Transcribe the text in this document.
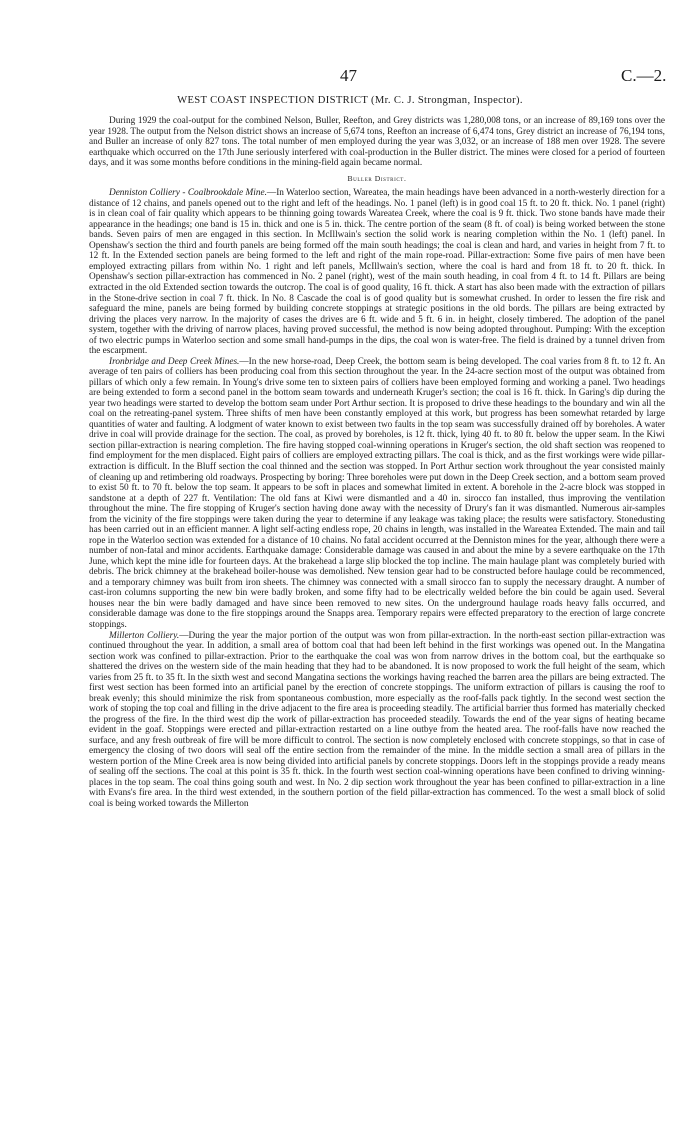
47	C.—2.
WEST COAST INSPECTION DISTRICT (Mr. C. J. Strongman, Inspector).

During 1929 the coal-output for the combined Nelson, Buller, Reefton, and Grey districts was 1,280,008 tons, or an increase of 89,169 tons over the year 1928. The output from the Nelson district shows an increase of 5,674 tons, Reefton an increase of 6,474 tons, Grey district an increase of 76,194 tons, and Buller an increase of only 827 tons. The total number of men employed during the year was 3,032, or an increase of 188 men over 1928. The severe earthquake which occurred on the 17th June seriously interfered with coal-production in the Buller district. The mines were closed for a period of fourteen days, and it was some months before conditions in the mining-field again became normal.

Buller District.

Denniston Colliery - Coalbrookdale Mine.—In Waterloo section, Wareatea, the main headings have been advanced in a north-westerly direction for a distance of 12 chains, and panels opened out to the right and left of the headings. No. 1 panel (left) is in good coal 15 ft. to 20 ft. thick. No. 1 panel (right) is in clean coal of fair quality which appears to be thinning going towards Wareatea Creek, where the coal is 9 ft. thick. Two stone bands have made their appearance in the headings; one band is 15 in. thick and one is 5 in. thick. The centre portion of the seam (8 ft. of coal) is being worked between the stone bands. Seven pairs of men are engaged in this section. In McIllwain's section the solid work is nearing completion within the No. 1 (left) panel. In Openshaw's section the third and fourth panels are being formed off the main south headings; the coal is clean and hard, and varies in height from 7 ft. to 12 ft. In the Extended section panels are being formed to the left and right of the main rope-road. Pillar-extraction: Some five pairs of men have been employed extracting pillars from within No. 1 right and left panels, McIllwain's section, where the coal is hard and from 18 ft. to 20 ft. thick. In Openshaw's section pillar-extraction has commenced in No. 2 panel (right), west of the main south heading, in coal from 4 ft. to 14 ft. Pillars are being extracted in the old Extended section towards the outcrop. The coal is of good quality, 16 ft. thick. A start has also been made with the extraction of pillars in the Stone-drive section in coal 7 ft. thick. In No. 8 Cascade the coal is of good quality but is somewhat crushed. In order to lessen the fire risk and safeguard the mine, panels are being formed by building concrete stoppings at strategic positions in the old bords. The pillars are being extracted by driving the places very narrow. In the majority of cases the drives are 6 ft. wide and 5 ft. 6 in. in height, closely timbered. The adoption of the panel system, together with the driving of narrow places, having proved successful, the method is now being adopted throughout. Pumping: With the exception of two electric pumps in Waterloo section and some small hand-pumps in the dips, the coal won is water-free. The field is drained by a tunnel driven from the escarpment.

Ironbridge and Deep Creek Mines.—In the new horse-road, Deep Creek, the bottom seam is being developed. The coal varies from 8 ft. to 12 ft. An average of ten pairs of colliers has been producing coal from this section throughout the year. In the 24-acre section most of the output was obtained from pillars of which only a few remain. In Young's drive some ten to sixteen pairs of colliers have been employed forming and working a panel. Two headings are being extended to form a second panel in the bottom seam towards and underneath Kruger's section; the coal is 16 ft. thick. In Garing's dip during the year two headings were started to develop the bottom seam under Port Arthur section. It is proposed to drive these headings to the boundary and win all the coal on the retreating-panel system. Three shifts of men have been constantly employed at this work, but progress has been somewhat retarded by large quantities of water and faulting. A lodgment of water known to exist between two faults in the top seam was successfully drained off by boreholes. A water drive in coal will provide drainage for the section. The coal, as proved by boreholes, is 12 ft. thick, lying 40 ft. to 80 ft. below the upper seam. In the Kiwi section pillar-extraction is nearing completion. The fire having stopped coal-winning operations in Kruger's section, the old shaft section was reopened to find employment for the men displaced. Eight pairs of colliers are employed extracting pillars. The coal is thick, and as the first workings were wide pillar-extraction is difficult. In the Bluff section the coal thinned and the section was stopped. In Port Arthur section work throughout the year consisted mainly of cleaning up and retimbering old roadways. Prospecting by boring: Three boreholes were put down in the Deep Creek section, and a bottom seam proved to exist 50 ft. to 70 ft. below the top seam. It appears to be soft in places and somewhat limited in extent. A borehole in the 2-acre block was stopped in sandstone at a depth of 227 ft. Ventilation: The old fans at Kiwi were dismantled and a 40 in. sirocco fan installed, thus improving the ventilation throughout the mine. The fire stopping of Kruger's section having done away with the necessity of Drury's fan it was dismantled. Numerous air-samples from the vicinity of the fire stoppings were taken during the year to determine if any leakage was taking place; the results were satisfactory. Stonedusting has been carried out in an efficient manner. A light self-acting endless rope, 20 chains in length, was installed in the Wareatea Extended. The main and tail rope in the Waterloo section was extended for a distance of 10 chains. No fatal accident occurred at the Denniston mines for the year, although there were a number of non-fatal and minor accidents. Earthquake damage: Considerable damage was caused in and about the mine by a severe earthquake on the 17th June, which kept the mine idle for fourteen days. At the brakehead a large slip blocked the top incline. The main haulage plant was completely buried with debris. The brick chimney at the brakehead boiler-house was demolished. New tension gear had to be constructed before haulage could be recommenced, and a temporary chimney was built from iron sheets. The chimney was connected with a small sirocco fan to supply the necessary draught. A number of cast-iron columns supporting the new bin were badly broken, and some fifty had to be electrically welded before the bin could be again used. Several houses near the bin were badly damaged and have since been removed to new sites. On the underground haulage roads heavy falls occurred, and considerable damage was done to the fire stoppings around the Snapps area. Temporary repairs were effected preparatory to the erection of large concrete stoppings.

Millerton Colliery.—During the year the major portion of the output was won from pillar-extraction. In the north-east section pillar-extraction was continued throughout the year. In addition, a small area of bottom coal that had been left behind in the first workings was opened out. In the Mangatina section work was confined to pillar-extraction. Prior to the earthquake the coal was won from narrow drives in the bottom coal, but the earthquake so shattered the drives on the western side of the main heading that they had to be abandoned. It is now proposed to work the full height of the seam, which varies from 25 ft. to 35 ft. In the sixth west and second Mangatina sections the workings having reached the barren area the pillars are being extracted. The first west section has been formed into an artificial panel by the erection of concrete stoppings. The uniform extraction of pillars is causing the roof to break evenly; this should minimize the risk from spontaneous combustion, more especially as the roof-falls pack tightly. In the second west section the work of stoping the top coal and filling in the drive adjacent to the fire area is proceeding steadily. The artificial barrier thus formed has materially checked the progress of the fire. In the third west dip the work of pillar-extraction has proceeded steadily. Towards the end of the year signs of heating became evident in the goaf. Stoppings were erected and pillar-extraction restarted on a line outbye from the heated area. The roof-falls have now reached the surface, and any fresh outbreak of fire will be more difficult to control. The section is now completely enclosed with concrete stoppings, so that in case of emergency the closing of two doors will seal off the entire section from the remainder of the mine. In the middle section a small area of pillars in the western portion of the Mine Creek area is now being divided into artificial panels by concrete stoppings. Doors left in the stoppings provide a ready means of sealing off the sections. The coal at this point is 35 ft. thick. In the fourth west section coal-winning operations have been confined to driving winning-places in the top seam. The coal thins going south and west. In No. 2 dip section work throughout the year has been confined to pillar-extraction in a line with Evans's fire area. In the third west extended, in the southern portion of the field pillar-extraction has commenced. To the west a small block of solid coal is being worked towards the Millerton
